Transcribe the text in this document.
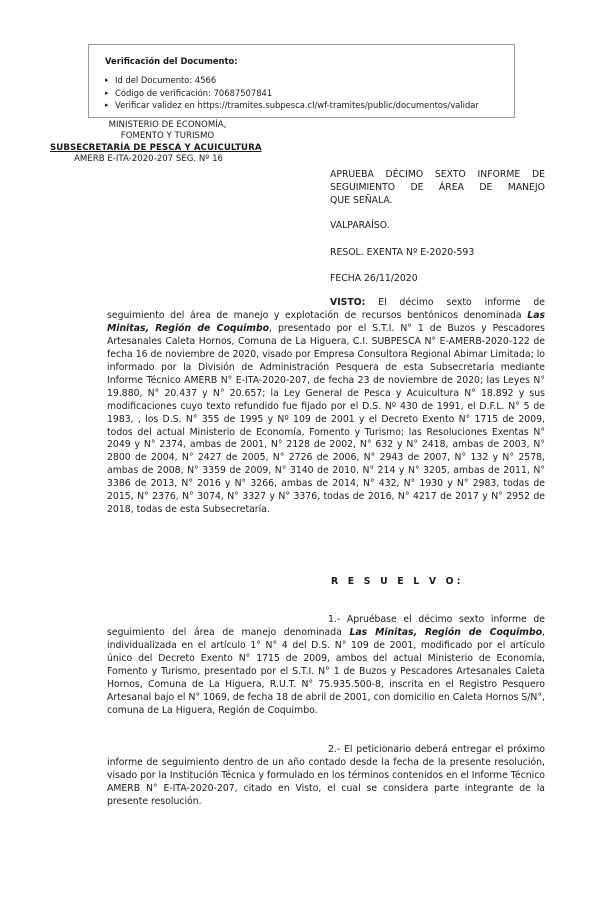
Verificación del Documento:
▸ Id del Documento: 4566
▸ Código de verificación: 70687507841
▸ Verificar validez en https://tramites.subpesca.cl/wf-tramites/public/documentos/validar
MINISTERIO DE ECONOMÍA,
FOMENTO Y TURISMO
SUBSECRETARÍA DE PESCA Y ACUICULTURA
AMERB E-ITA-2020-207 SEG. Nº 16
APRUEBA DÉCIMO SEXTO INFORME DE
SEGUIMIENTO DE ÁREA DE MANEJO
QUE SEÑALA.
VALPARAÍSO.
RESOL. EXENTA Nº E-2020-593
FECHA 26/11/2020
VISTO: El décimo sexto informe de seguimiento del área de manejo y explotación de recursos bentónicos denominada Las Minitas, Región de Coquimbo, presentado por el S.T.I. N° 1 de Buzos y Pescadores Artesanales Caleta Hornos, Comuna de La Higuera, C.I. SUBPESCA N° E-AMERB-2020-122 de fecha 16 de noviembre de 2020, visado por Empresa Consultora Regional Abimar Limitada; lo informado por la División de Administración Pesquera de esta Subsecretaría mediante Informe Técnico AMERB N° E-ITA-2020-207, de fecha 23 de noviembre de 2020; las Leyes N° 19.880, N° 20.437 y N° 20.657; la Ley General de Pesca y Acuicultura N° 18.892 y sus modificaciones cuyo texto refundido fue fijado por el D.S. Nº 430 de 1991, el D.F.L. N° 5 de 1983, , los D.S. N° 355 de 1995 y Nº 109 de 2001 y el Decreto Exento N° 1715 de 2009, todos del actual Ministerio de Economía, Fomento y Turismo; las Resoluciones Exentas N° 2049 y N° 2374, ambas de 2001, N° 2128 de 2002, N° 632 y N° 2418, ambas de 2003, N° 2800 de 2004, N° 2427 de 2005, N° 2726 de 2006, N° 2943 de 2007, N° 132 y N° 2578, ambas de 2008, N° 3359 de 2009, N° 3140 de 2010, N° 214 y N° 3205, ambas de 2011, N° 3386 de 2013, N° 2016 y N° 3266, ambas de 2014, N° 432, N° 1930 y N° 2983, todas de 2015, N° 2376, N° 3074, N° 3327 y N° 3376, todas de 2016, N° 4217 de 2017 y N° 2952 de 2018, todas de esta Subsecretaría.
R E S U E L V O:
1.- Apruébase el décimo sexto informe de seguimiento del área de manejo denominada Las Minitas, Región de Coquimbo, individualizada en el artículo 1° N° 4 del D.S. N° 109 de 2001, modificado por el artículo único del Decreto Exento N° 1715 de 2009, ambos del actual Ministerio de Economía, Fomento y Turismo, presentado por el S.T.I. N° 1 de Buzos y Pescadores Artesanales Caleta Hornos, Comuna de La Higuera, R.U.T. N° 75.935.500-8, inscrita en el Registro Pesquero Artesanal bajo el N° 1069, de fecha 18 de abril de 2001, con domicilio en Caleta Hornos S/N°, comuna de La Higuera, Región de Coquimbo.
2.- El peticionario deberá entregar el próximo informe de seguimiento dentro de un año contado desde la fecha de la presente resolución, visado por la Institución Técnica y formulado en los términos contenidos en el Informe Técnico AMERB N° E-ITA-2020-207, citado en Visto, el cual se considera parte integrante de la presente resolución.
